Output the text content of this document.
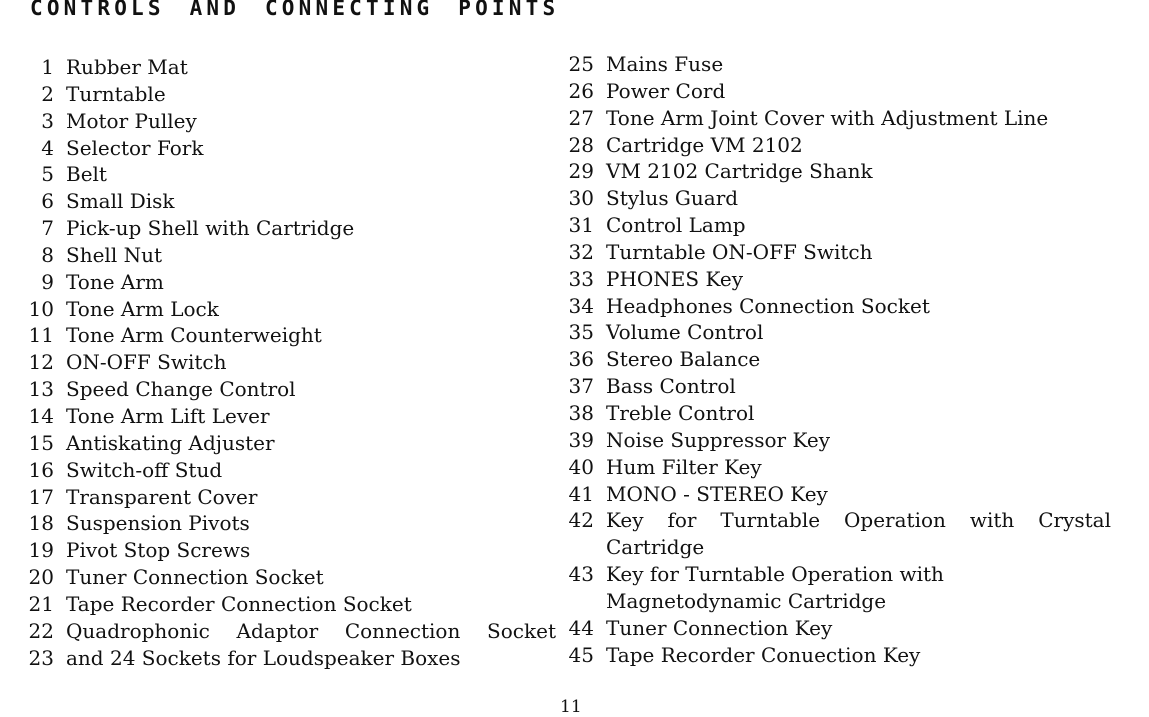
CONTROLS AND CONNECTING POINTS
1 Rubber Mat
2 Turntable
3 Motor Pulley
4 Selector Fork
5 Belt
6 Small Disk
7 Pick-up Shell with Cartridge
8 Shell Nut
9 Tone Arm
10 Tone Arm Lock
11 Tone Arm Counterweight
12 ON-OFF Switch
13 Speed Change Control
14 Tone Arm Lift Lever
15 Antiskating Adjuster
16 Switch-off Stud
17 Transparent Cover
18 Suspension Pivots
19 Pivot Stop Screws
20 Tuner Connection Socket
21 Tape Recorder Connection Socket
22 Quadrophonic Adaptor Connection Socket
23 and 24 Sockets for Loudspeaker Boxes
25 Mains Fuse
26 Power Cord
27 Tone Arm Joint Cover with Adjustment Line
28 Cartridge VM 2102
29 VM 2102 Cartridge Shank
30 Stylus Guard
31 Control Lamp
32 Turntable ON-OFF Switch
33 PHONES Key
34 Headphones Connection Socket
35 Volume Control
36 Stereo Balance
37 Bass Control
38 Treble Control
39 Noise Suppressor Key
40 Hum Filter Key
41 MONO - STEREO Key
42 Key for Turntable Operation with Crystal Cartridge
43 Key for Turntable Operation with Magnetodynamic Cartridge
44 Tuner Connection Key
45 Tape Recorder Conuection Key
11
